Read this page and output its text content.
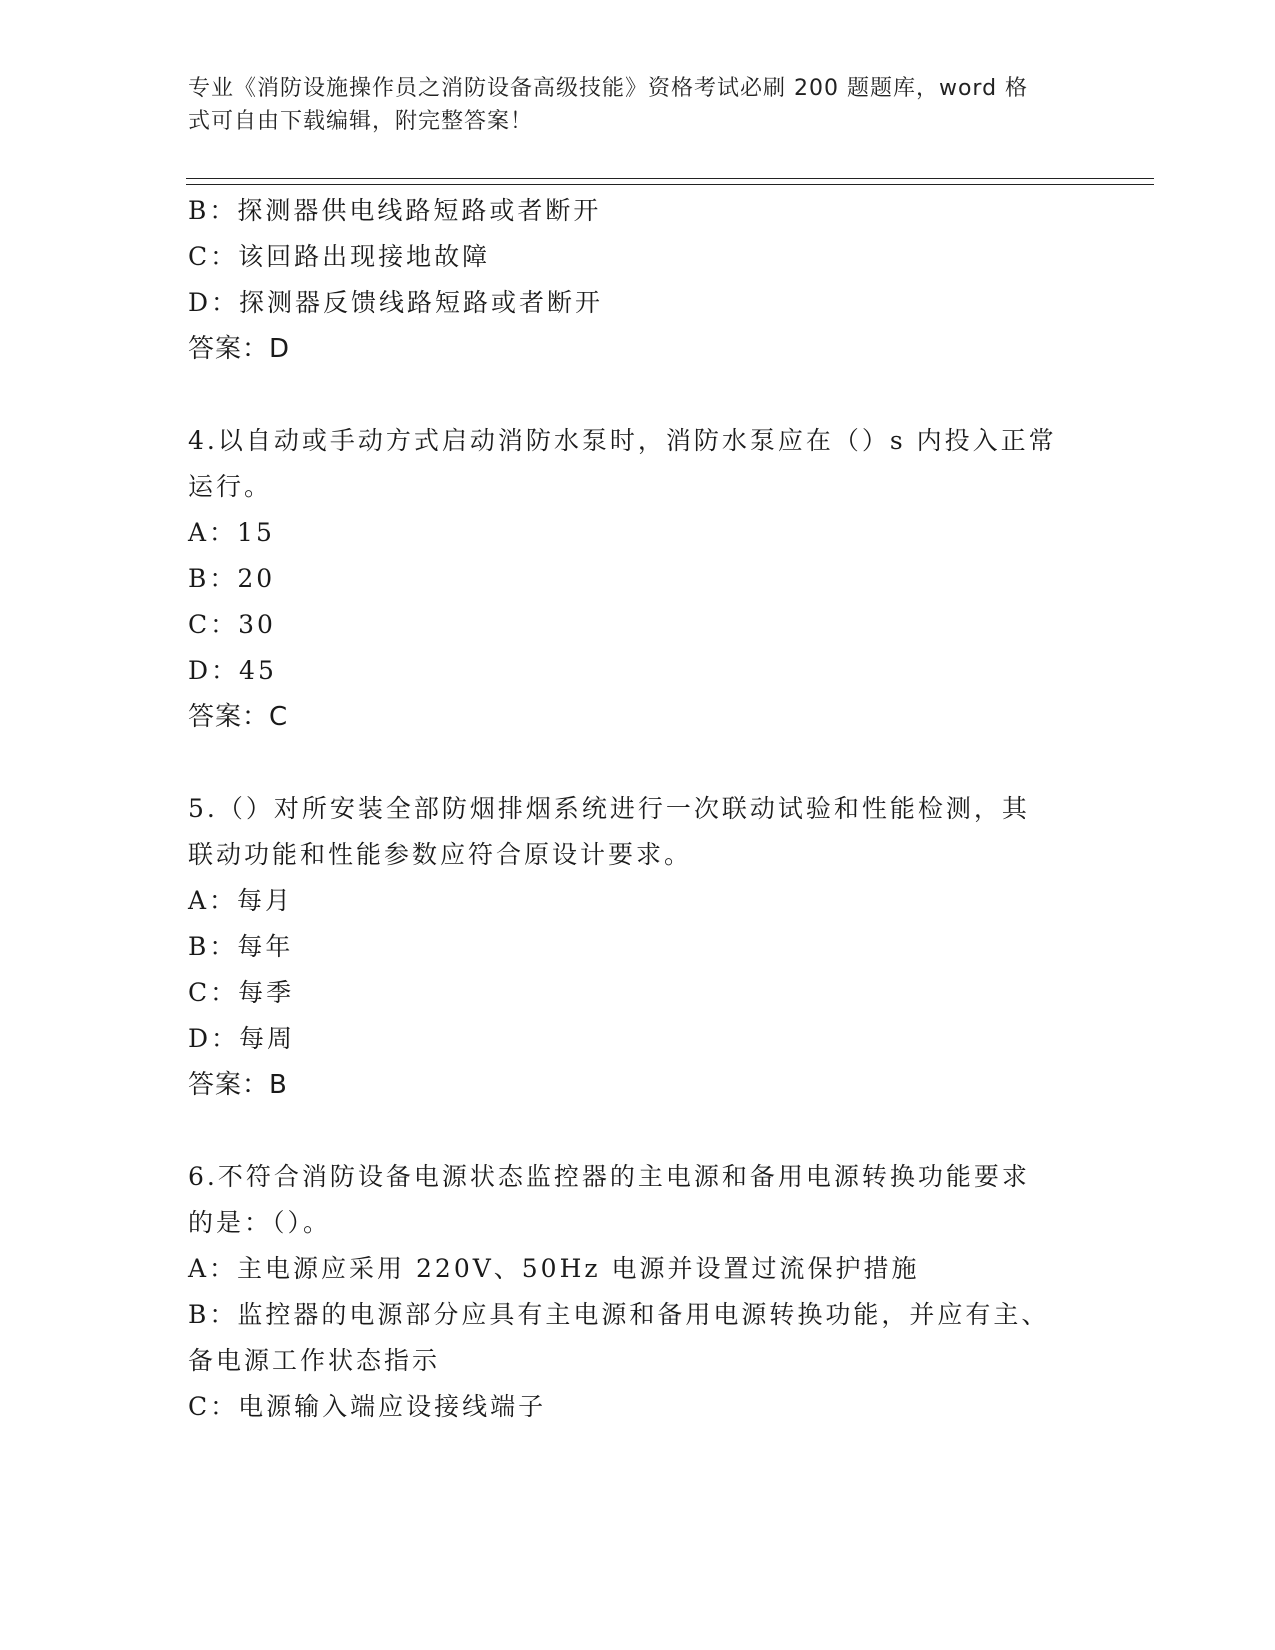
专业《消防设施操作员之消防设备高级技能》资格考试必刷 200 题题库，word 格
式可自由下载编辑，附完整答案！
B：探测器供电线路短路或者断开
C：该回路出现接地故障
D：探测器反馈线路短路或者断开
答案：D
4.以自动或手动方式启动消防水泵时，消防水泵应在（）s 内投入正常
运行。
A：15
B：20
C：30
D：45
答案：C
5.（）对所安装全部防烟排烟系统进行一次联动试验和性能检测，其
联动功能和性能参数应符合原设计要求。
A：每月
B：每年
C：每季
D：每周
答案：B
6.不符合消防设备电源状态监控器的主电源和备用电源转换功能要求
的是：（）。
A：主电源应采用 220V、50Hz 电源并设置过流保护措施
B：监控器的电源部分应具有主电源和备用电源转换功能，并应有主、
备电源工作状态指示
C：电源输入端应设接线端子
